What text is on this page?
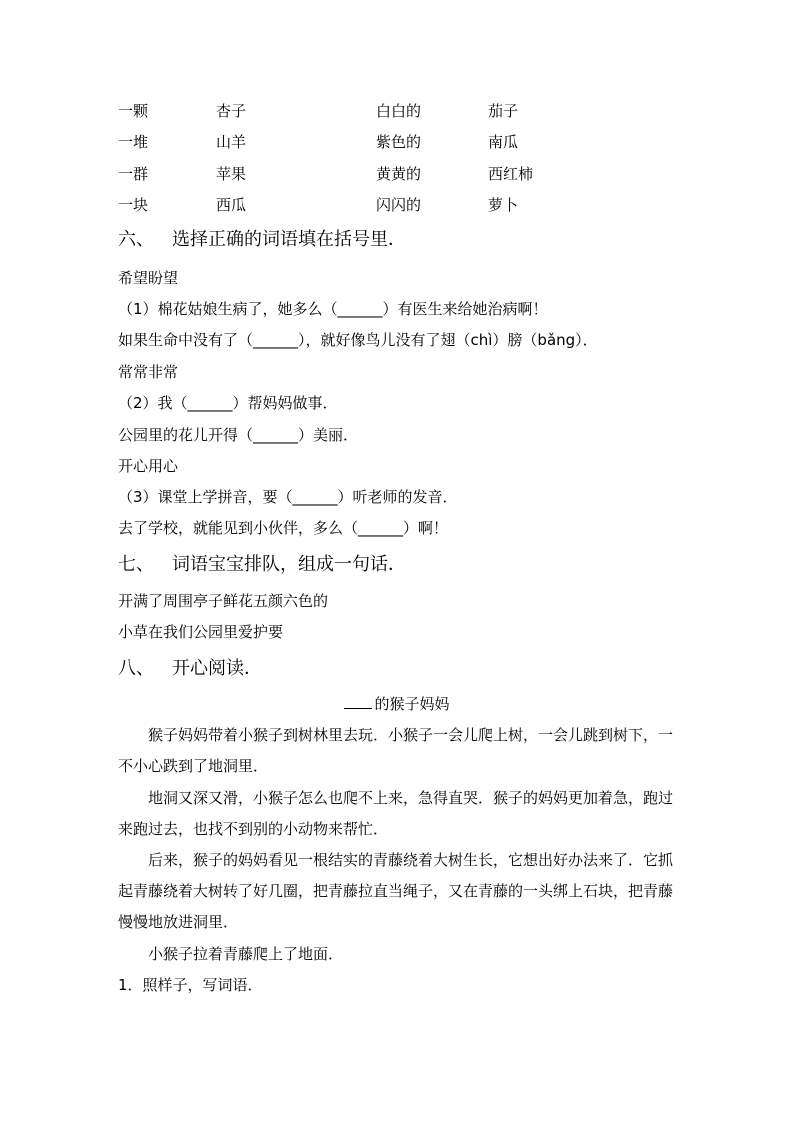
一颗	杏子	白白的	茄子
一堆	山羊	紫色的	南瓜
一群	苹果	黄黄的	西红柿
一块	西瓜	闪闪的	萝卜
六、 选择正确的词语填在括号里．
希望盼望
（1）棉花姑娘生病了，她多么（______）有医生来给她治病啊！
如果生命中没有了（______），就好像鸟儿没有了翅（chì）膀（bǎng）．
常常非常
（2）我（______）帮妈妈做事．
公园里的花儿开得（______）美丽．
开心用心
（3）课堂上学拼音，要（______）听老师的发音．
去了学校，就能见到小伙伴，多么（______）啊！
七、 词语宝宝排队，组成一句话．
开满了周围亭子鲜花五颜六色的
小草在我们公园里爱护要
八、 开心阅读．
的猴子妈妈
猴子妈妈带着小猴子到树林里去玩．小猴子一会儿爬上树，一会儿跳到树下，一不小心跌到了地洞里．
地洞又深又滑，小猴子怎么也爬不上来，急得直哭．猴子的妈妈更加着急，跑过来跑过去，也找不到别的小动物来帮忙．
后来，猴子的妈妈看见一根结实的青藤绕着大树生长，它想出好办法来了．它抓起青藤绕着大树转了好几圈，把青藤拉直当绳子，又在青藤的一头绑上石块，把青藤慢慢地放进洞里．
小猴子拉着青藤爬上了地面．
1．照样子，写词语．
